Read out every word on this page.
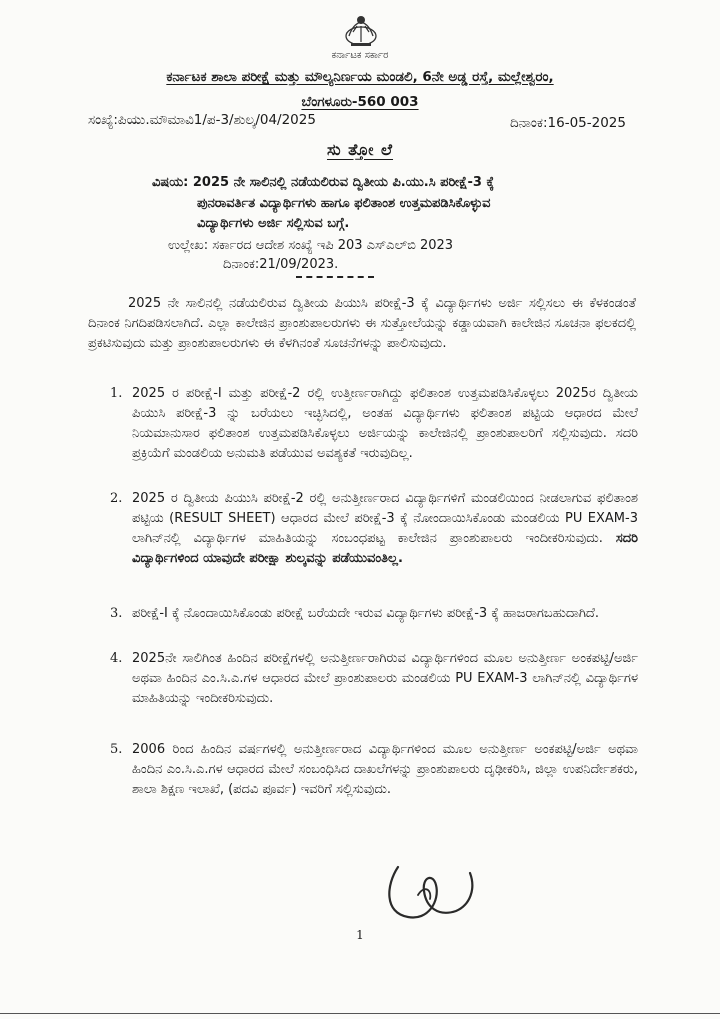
ಕರ್ನಾಟಕ ಸರ್ಕಾರ
ಕರ್ನಾಟಕ ಶಾಲಾ ಪರೀಕ್ಷೆ ಮತ್ತು ಮೌಲ್ಯನಿರ್ಣಯ ಮಂಡಲಿ, 6ನೇ ಅಡ್ಡ ರಸ್ತೆ, ಮಲ್ಲೇಶ್ವರಂ,
ಬೆಂಗಳೂರು-560 003
ಸಂಖ್ಯೆ:ಪಿಯು.ಮೌಮಾವಿ1/ಪ-3/ಶುಲ್ಕ/04/2025	ದಿನಾಂಕ:16-05-2025
ಸು ತ್ತೋ ಲೆ
ವಿಷಯ: 2025 ನೇ ಸಾಲಿನಲ್ಲಿ ನಡೆಯಲಿರುವ ದ್ವಿತೀಯ ಪಿ.ಯು.ಸಿ ಪರೀಕ್ಷೆ-3 ಕ್ಕೆ
ಪುನರಾವರ್ತಿತ ವಿದ್ಯಾರ್ಥಿಗಳು ಹಾಗೂ ಫಲಿತಾಂಶ ಉತ್ತಮಪಡಿಸಿಕೊಳ್ಳುವ
ವಿದ್ಯಾರ್ಥಿಗಳು ಅರ್ಜಿ ಸಲ್ಲಿಸುವ ಬಗ್ಗೆ.
ಉಲ್ಲೇಖ: ಸರ್ಕಾರದ ಆದೇಶ ಸಂಖ್ಯೆ ಇಪಿ 203 ಎಸ್‌ಎಲ್‌ಬಿ 2023
ದಿನಾಂಕ:21/09/2023.
2025 ನೇ ಸಾಲಿನಲ್ಲಿ ನಡೆಯಲಿರುವ ದ್ವಿತೀಯ ಪಿಯುಸಿ ಪರೀಕ್ಷೆ-3 ಕ್ಕೆ ವಿದ್ಯಾರ್ಥಿಗಳು ಅರ್ಜಿ ಸಲ್ಲಿಸಲು ಈ ಕೆಳಕಂಡಂತೆ ದಿನಾಂಕ ನಿಗದಿಪಡಿಸಲಾಗಿದೆ. ಎಲ್ಲಾ ಕಾಲೇಜಿನ ಪ್ರಾಂಶುಪಾಲರುಗಳು ಈ ಸುತ್ತೋಲೆಯನ್ನು ಕಡ್ಡಾಯವಾಗಿ ಕಾಲೇಜಿನ ಸೂಚನಾ ಫಲಕದಲ್ಲಿ ಪ್ರಕಟಿಸುವುದು ಮತ್ತು ಪ್ರಾಂಶುಪಾಲರುಗಳು ಈ ಕೆಳಗಿನಂತೆ ಸೂಚನೆಗಳನ್ನು ಪಾಲಿಸುವುದು.
1. 2025 ರ ಪರೀಕ್ಷೆ-I ಮತ್ತು ಪರೀಕ್ಷೆ-2 ರಲ್ಲಿ ಉತ್ತೀರ್ಣರಾಗಿದ್ದು ಫಲಿತಾಂಶ ಉತ್ತಮಪಡಿಸಿಕೊಳ್ಳಲು 2025ರ ದ್ವಿತೀಯ ಪಿಯುಸಿ ಪರೀಕ್ಷೆ-3 ನ್ನು ಬರೆಯಲು ಇಚ್ಛಿಸಿದಲ್ಲಿ, ಅಂತಹ ವಿದ್ಯಾರ್ಥಿಗಳು ಫಲಿತಾಂಶ ಪಟ್ಟಿಯ ಆಧಾರದ ಮೇಲೆ ನಿಯಮಾನುಸಾರ ಫಲಿತಾಂಶ ಉತ್ತಮಪಡಿಸಿಕೊಳ್ಳಲು ಅರ್ಜಿಯನ್ನು ಕಾಲೇಜಿನಲ್ಲಿ ಪ್ರಾಂಶುಪಾಲರಿಗೆ ಸಲ್ಲಿಸುವುದು. ಸದರಿ ಪ್ರಕ್ರಿಯೆಗೆ ಮಂಡಲಿಯ ಅನುಮತಿ ಪಡೆಯುವ ಅವಶ್ಯಕತೆ ಇರುವುದಿಲ್ಲ.
2. 2025 ರ ದ್ವಿತೀಯ ಪಿಯುಸಿ ಪರೀಕ್ಷೆ-2 ರಲ್ಲಿ ಅನುತ್ತೀರ್ಣರಾದ ವಿದ್ಯಾರ್ಥಿಗಳಿಗೆ ಮಂಡಲಿಯಿಂದ ನೀಡಲಾಗುವ ಫಲಿತಾಂಶ ಪಟ್ಟಿಯ (RESULT SHEET) ಆಧಾರದ ಮೇಲೆ ಪರೀಕ್ಷೆ-3 ಕ್ಕೆ ನೋಂದಾಯಿಸಿಕೊಂಡು ಮಂಡಲಿಯ PU EXAM-3 ಲಾಗಿನ್‌ನಲ್ಲಿ ವಿದ್ಯಾರ್ಥಿಗಳ ಮಾಹಿತಿಯನ್ನು ಸಂಬಂಧಪಟ್ಟ ಕಾಲೇಜಿನ ಪ್ರಾಂಶುಪಾಲರು ಇಂದೀಕರಿಸುವುದು. ಸದರಿ ವಿದ್ಯಾರ್ಥಿಗಳಿಂದ ಯಾವುದೇ ಪರೀಕ್ಷಾ ಶುಲ್ಕವನ್ನು ಪಡೆಯುವಂತಿಲ್ಲ.
3. ಪರೀಕ್ಷೆ-I ಕ್ಕೆ ನೊಂದಾಯಿಸಿಕೊಂಡು ಪರೀಕ್ಷೆ ಬರೆಯದೇ ಇರುವ ವಿದ್ಯಾರ್ಥಿಗಳು ಪರೀಕ್ಷೆ-3 ಕ್ಕೆ ಹಾಜರಾಗಬಹುದಾಗಿದೆ.
4. 2025ನೇ ಸಾಲಿಗಿಂತ ಹಿಂದಿನ ಪರೀಕ್ಷೆಗಳಲ್ಲಿ ಅನುತ್ತೀರ್ಣರಾಗಿರುವ ವಿದ್ಯಾರ್ಥಿಗಳಿಂದ ಮೂಲ ಅನುತ್ತೀರ್ಣ ಅಂಕಪಟ್ಟಿ/ಅರ್ಜಿ ಅಥವಾ ಹಿಂದಿನ ಎಂ.ಸಿ.ಎ.ಗಳ ಆಧಾರದ ಮೇಲೆ ಪ್ರಾಂಶುಪಾಲರು ಮಂಡಲಿಯ PU EXAM-3 ಲಾಗಿನ್‌ನಲ್ಲಿ ವಿದ್ಯಾರ್ಥಿಗಳ ಮಾಹಿತಿಯನ್ನು ಇಂದೀಕರಿಸುವುದು.
5. 2006 ರಿಂದ ಹಿಂದಿನ ವರ್ಷಗಳಲ್ಲಿ ಅನುತ್ತೀರ್ಣರಾದ ವಿದ್ಯಾರ್ಥಿಗಳಿಂದ ಮೂಲ ಅನುತ್ತೀರ್ಣ ಅಂಕಪಟ್ಟಿ/ಅರ್ಜಿ ಅಥವಾ ಹಿಂದಿನ ಎಂ.ಸಿ.ಎ.ಗಳ ಆಧಾರದ ಮೇಲೆ ಸಂಬಂಧಿಸಿದ ದಾಖಲೆಗಳನ್ನು ಪ್ರಾಂಶುಪಾಲರು ದೃಢೀಕರಿಸಿ, ಜಿಲ್ಲಾ ಉಪನಿರ್ದೇಶಕರು, ಶಾಲಾ ಶಿಕ್ಷಣ ಇಲಾಖೆ, (ಪದವಿ ಪೂರ್ವ) ಇವರಿಗೆ ಸಲ್ಲಿಸುವುದು.
1
